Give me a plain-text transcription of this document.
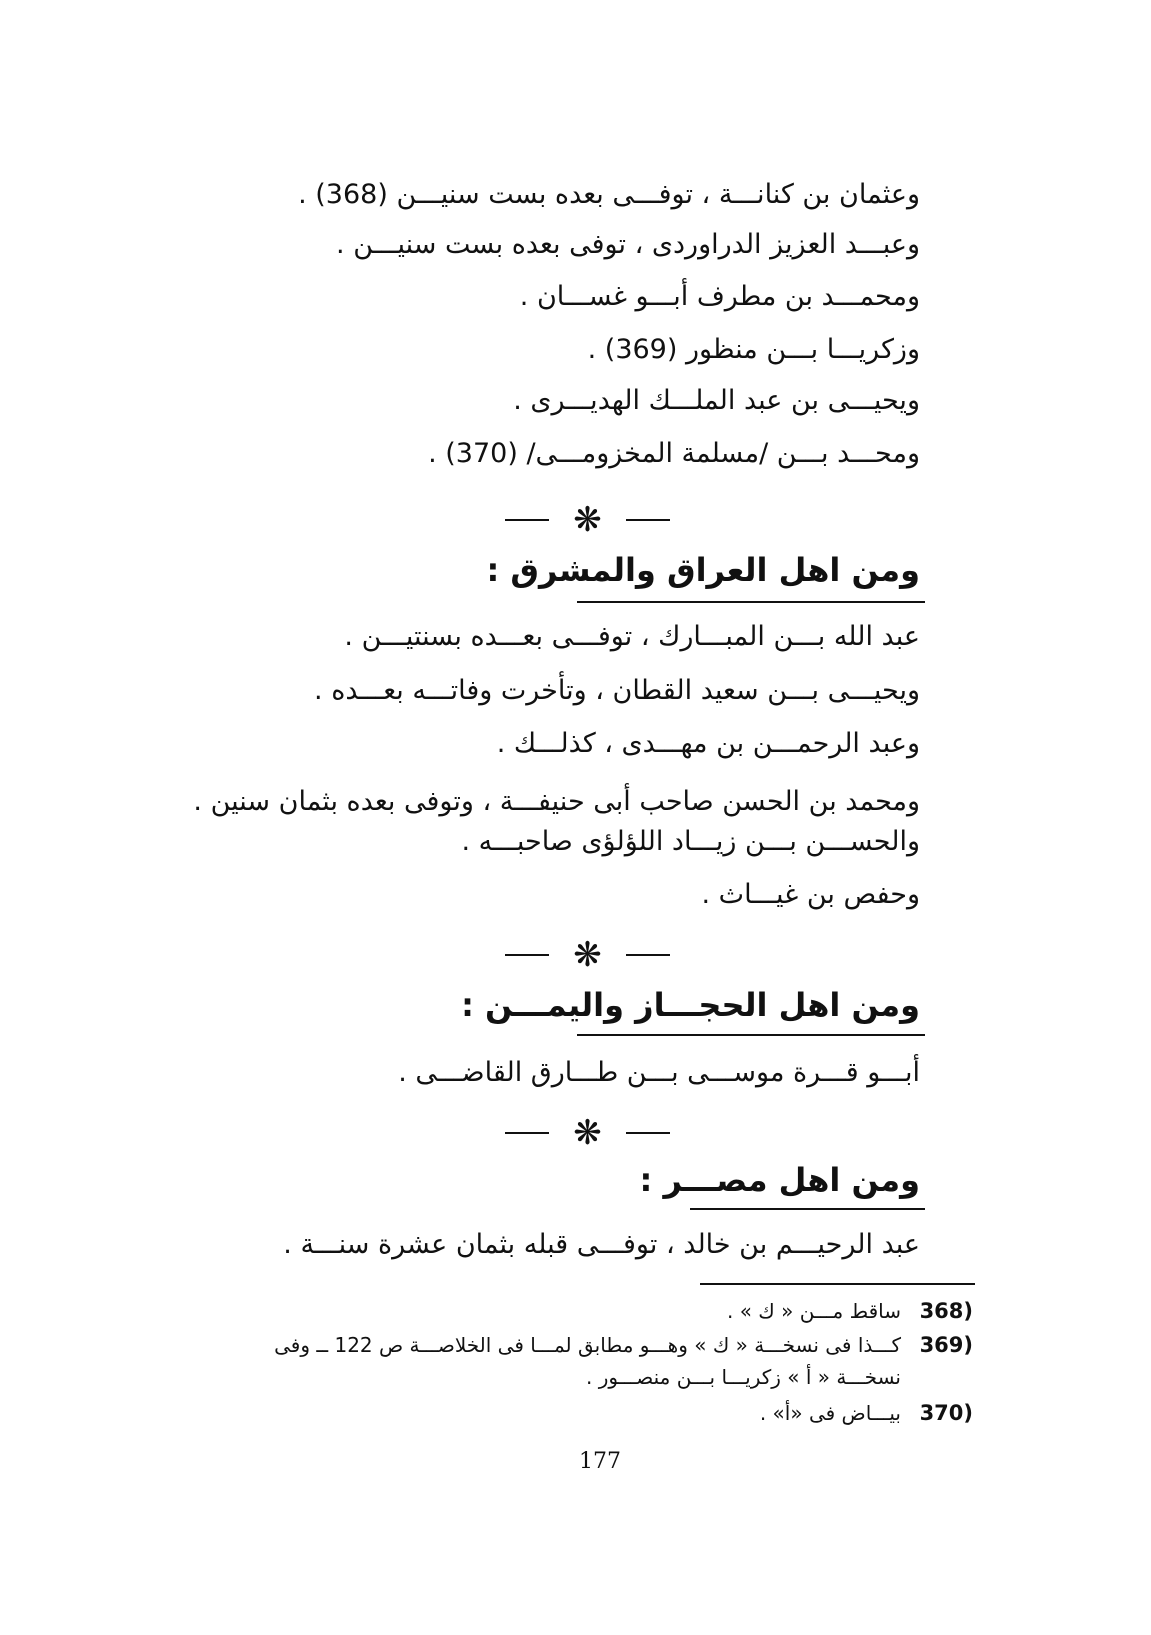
وعثمان بن كنانـــة ، توفـــى بعده بست سنيـــن (368) .
وعبـــد العزيز الدراوردى ، توفى بعده بست سنيـــن .
ومحمـــد بن مطرف أبـــو غســـان .
وزكريـــا بـــن منظور (369) .
ويحيـــى بن عبد الملـــك الهديـــرى .
ومحـــد بـــن /مسلمة المخزومـــى/ (370) .
❋
ومن اهل العراق والمشرق :
عبد الله بـــن المبـــارك ، توفـــى بعـــده بسنتيـــن .
ويحيـــى بـــن سعيد القطان ، وتأخرت وفاتـــه بعـــده .
وعبد الرحمـــن بن مهـــدى ، كذلـــك .
ومحمد بن الحسن صاحب أبى حنيفـــة ، وتوفى بعده بثمان سنين .
والحســـن بـــن زيـــاد اللؤلؤى صاحبـــه .
وحفص بن غيـــاث .
❋
ومن اهل الحجـــاز واليمـــن :
أبـــو قـــرة موســـى بـــن طـــارق القاضـــى .
❋
ومن اهل مصـــر :
عبد الرحيـــم بن خالد ، توفـــى قبله بثمان عشرة سنـــة .
368)
ساقط مـــن « ك » .
369)
كـــذا فى نسخـــة « ك » وهـــو مطابق لمـــا فى الخلاصـــة ص 122 ــ وفى
نسخـــة « أ » زكريـــا بـــن منصـــور .
370)
بيـــاض فى «أ» .
177
